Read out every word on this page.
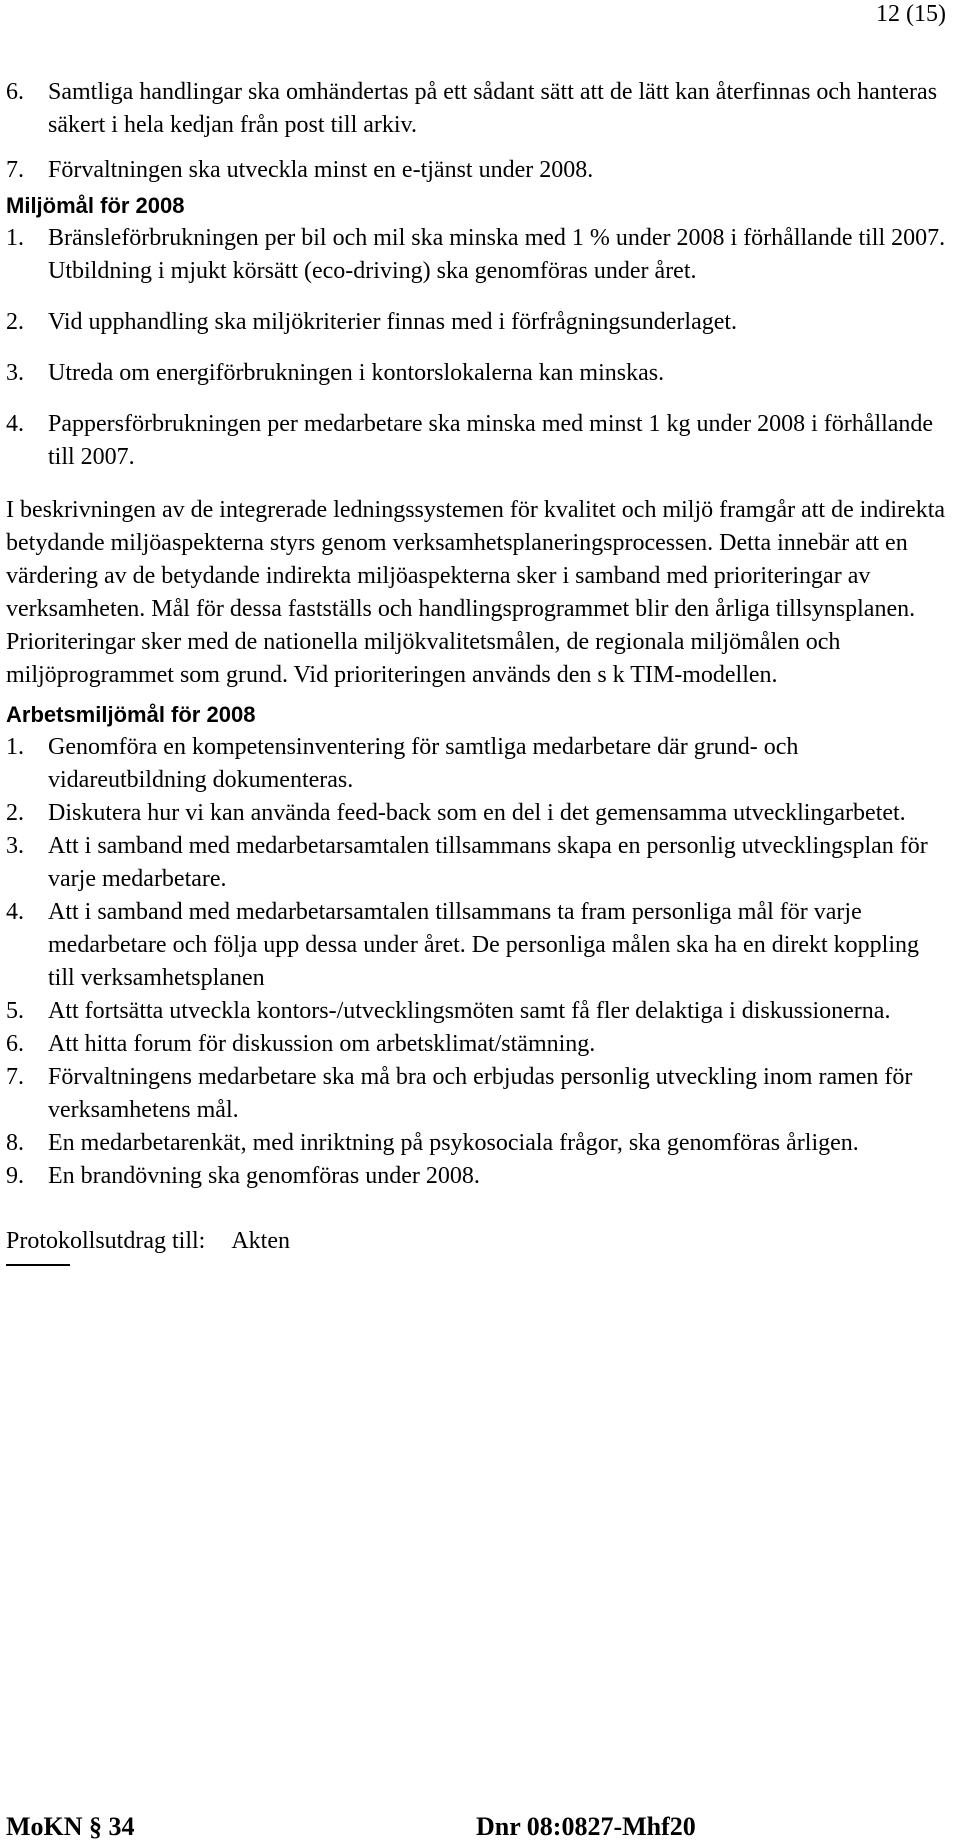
12 (15)
6. Samtliga handlingar ska omhändertas på ett sådant sätt att de lätt kan återfinnas och hanteras säkert i hela kedjan från post till arkiv.
7. Förvaltningen ska utveckla minst en e-tjänst under 2008.
Miljömål för 2008
1. Bränsleförbrukningen per bil och mil ska minska med 1 % under 2008 i förhållande till 2007. Utbildning i mjukt körsätt (eco-driving) ska genomföras under året.
2. Vid upphandling ska miljökriterier finnas med i förfrågningsunderlaget.
3. Utreda om energiförbrukningen i kontorslokalerna kan minskas.
4. Pappersförbrukningen per medarbetare ska minska med minst 1 kg under 2008 i förhållande till 2007.
I beskrivningen av de integrerade ledningssystemen för kvalitet och miljö framgår att de indirekta betydande miljöaspekterna styrs genom verksamhetsplaneringsprocessen. Detta innebär att en värdering av de betydande indirekta miljöaspekterna sker i samband med prioriteringar av verksamheten. Mål för dessa fastställs och handlingsprogrammet blir den årliga tillsynsplanen. Prioriteringar sker med de nationella miljökvalitetsmålen, de regionala miljömålen och miljöprogrammet som grund. Vid prioriteringen används den s k TIM-modellen.
Arbetsmiljömål för 2008
1. Genomföra en kompetensinventering för samtliga medarbetare där grund- och vidareutbildning dokumenteras.
2. Diskutera hur vi kan använda feed-back som en del i det gemensamma utvecklingarbetet.
3. Att i samband med medarbetarsamtalen tillsammans skapa en personlig utvecklingsplan för varje medarbetare.
4. Att i samband med medarbetarsamtalen tillsammans ta fram personliga mål för varje medarbetare och följa upp dessa under året. De personliga målen ska ha en direkt koppling till verksamhetsplanen
5. Att fortsätta utveckla kontors-/utvecklingsmöten samt få fler delaktiga i diskussionerna.
6. Att hitta forum för diskussion om arbetsklimat/stämning.
7. Förvaltningens medarbetare ska må bra och erbjudas personlig utveckling inom ramen för verksamhetens mål.
8. En medarbetarenkät, med inriktning på psykosociala frågor, ska genomföras årligen.
9. En brandövning ska genomföras under 2008.
Protokollsutdrag till: Akten
MoKN § 34	Dnr 08:0827-Mhf20
